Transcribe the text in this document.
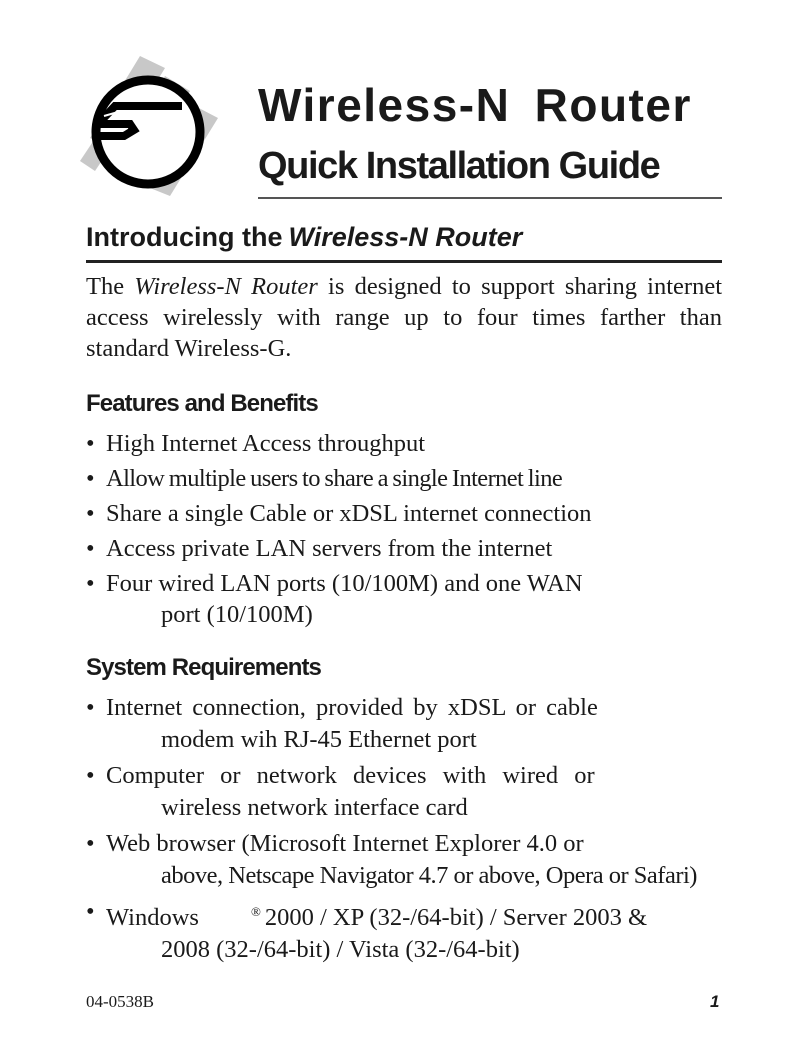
Wireless-N Router
Quick Installation Guide
Introducing the Wireless-N Router

The Wireless-N Router is designed to support sharing internet access wirelessly with range up to four times farther than standard Wireless-G.

Features and Benefits
• High Internet Access throughput
• Allow multiple users to share a single Internet line
• Share a single Cable or xDSL internet connection
• Access private LAN servers from the internet
• Four wired LAN ports (10/100M) and one WAN
port (10/100M)
System Requirements
• Internet connection, provided by xDSL or cable
modem wih RJ-45 Ethernet port
• Computer or network devices with wired or
wireless network interface card
• Web browser (Microsoft Internet Explorer 4.0 or
above, Netscape Navigator 4.7 or above, Opera or Safari)
• Windows	® 2000 / XP (32-/64-bit) / Server 2003 &
2008 (32-/64-bit) / Vista (32-/64-bit)
04-0538B	1
